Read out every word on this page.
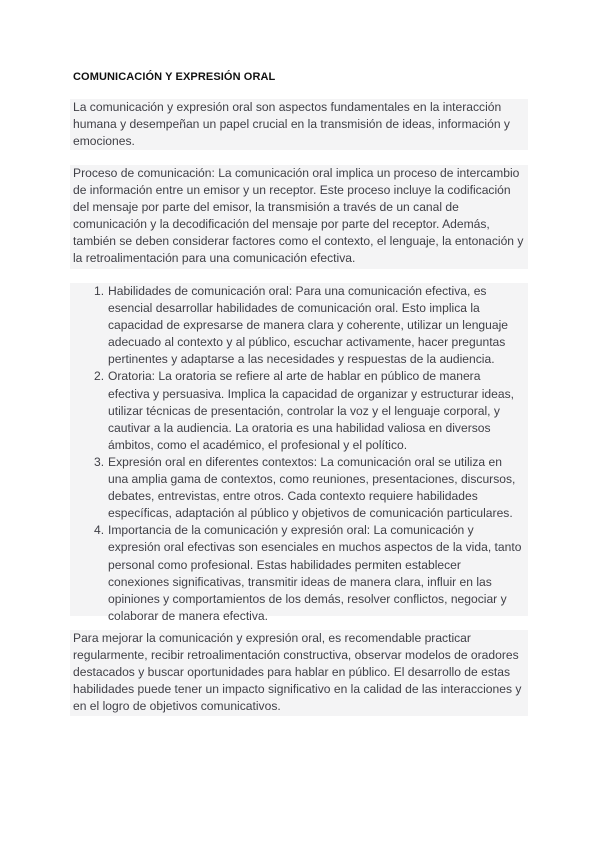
COMUNICACIÓN Y EXPRESIÓN ORAL

La comunicación y expresión oral son aspectos fundamentales en la interacción humana y desempeñan un papel crucial en la transmisión de ideas, información y emociones.

Proceso de comunicación: La comunicación oral implica un proceso de intercambio de información entre un emisor y un receptor. Este proceso incluye la codificación del mensaje por parte del emisor, la transmisión a través de un canal de comunicación y la decodificación del mensaje por parte del receptor. Además, también se deben considerar factores como el contexto, el lenguaje, la entonación y la retroalimentación para una comunicación efectiva.

1. Habilidades de comunicación oral: Para una comunicación efectiva, es esencial desarrollar habilidades de comunicación oral. Esto implica la capacidad de expresarse de manera clara y coherente, utilizar un lenguaje adecuado al contexto y al público, escuchar activamente, hacer preguntas pertinentes y adaptarse a las necesidades y respuestas de la audiencia.
2. Oratoria: La oratoria se refiere al arte de hablar en público de manera efectiva y persuasiva. Implica la capacidad de organizar y estructurar ideas, utilizar técnicas de presentación, controlar la voz y el lenguaje corporal, y cautivar a la audiencia. La oratoria es una habilidad valiosa en diversos ámbitos, como el académico, el profesional y el político.
3. Expresión oral en diferentes contextos: La comunicación oral se utiliza en una amplia gama de contextos, como reuniones, presentaciones, discursos, debates, entrevistas, entre otros. Cada contexto requiere habilidades específicas, adaptación al público y objetivos de comunicación particulares.
4. Importancia de la comunicación y expresión oral: La comunicación y expresión oral efectivas son esenciales en muchos aspectos de la vida, tanto personal como profesional. Estas habilidades permiten establecer conexiones significativas, transmitir ideas de manera clara, influir en las opiniones y comportamientos de los demás, resolver conflictos, negociar y colaborar de manera efectiva.

Para mejorar la comunicación y expresión oral, es recomendable practicar regularmente, recibir retroalimentación constructiva, observar modelos de oradores destacados y buscar oportunidades para hablar en público. El desarrollo de estas habilidades puede tener un impacto significativo en la calidad de las interacciones y en el logro de objetivos comunicativos.
